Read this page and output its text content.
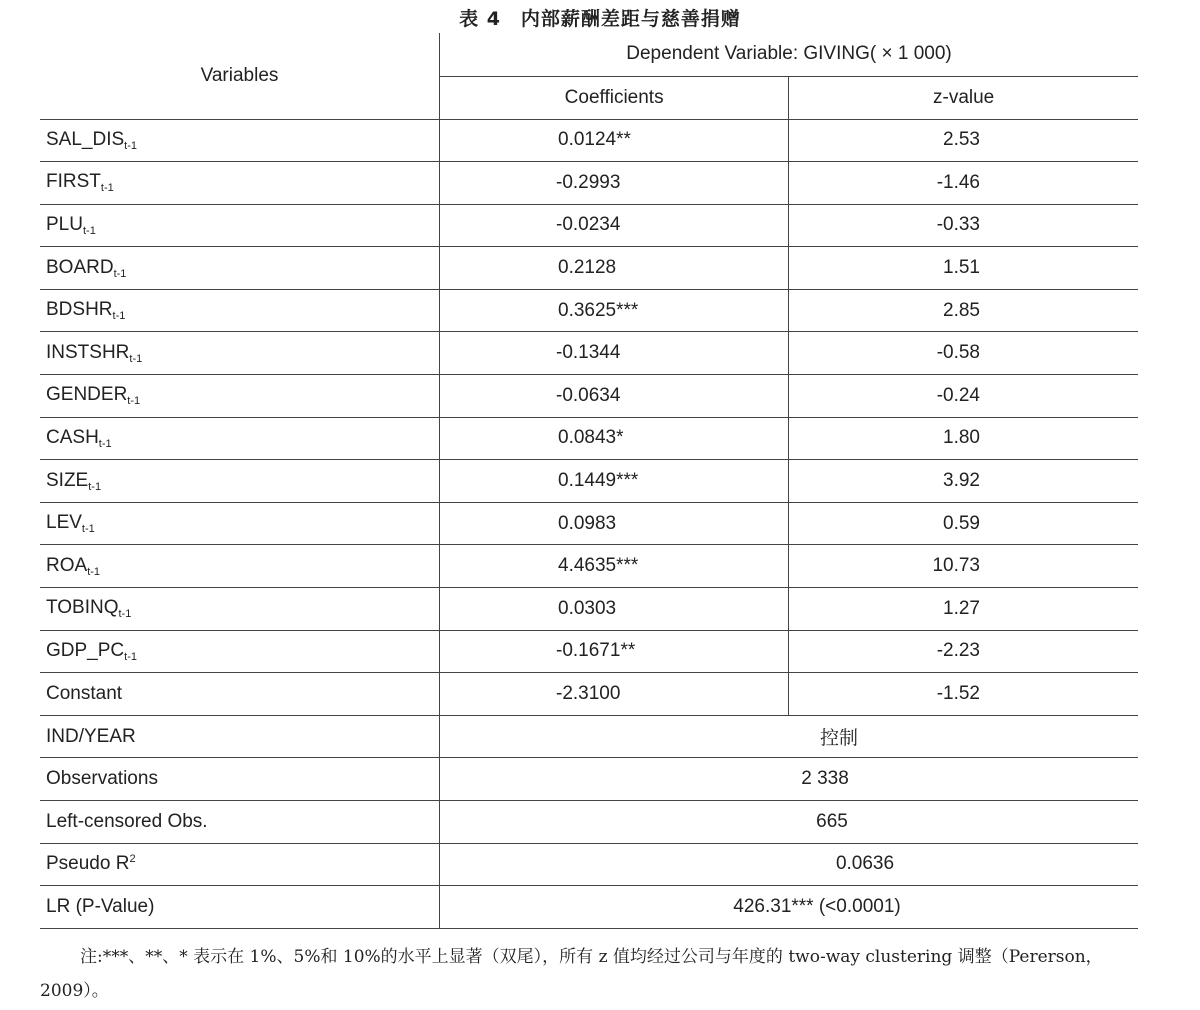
表 4　内部薪酬差距与慈善捐赠
Variables	Dependent Variable: GIVING( × 1 000)	
	Coefficients	z-value
$SAL\_DIS_{t-1}$	0.0124**	2.53

$FIRST_{t-1}$	-0.2993	-1.46

$PLU_{t-1}$	-0.0234	-0.33

$BOARD_{t-1}$	0.2128	1.51

$BDSHR_{t-1}$	0.3625***	2.85

$INSTSHR_{t-1}$	-0.1344	-0.58

$GENDER_{t-1}$	-0.0634	-0.24

$CASH_{t-1}$	0.0843*	1.80

$SIZE_{t-1}$	0.1449***	3.92

$LEV_{t-1}$	0.0983	0.59

$ROA_{t-1}$	4.4635***	10.73

$TOBINQ_{t-1}$	0.0303	1.27

$GDP\_PC_{t-1}$	-0.1671**	-2.23

Constant	-2.3100	-1.52

IND/YEAR	控制	
Observations	2 338	
Left-censored Obs.	665	
Pseudo $R^2$	0.0636	
LR (P-Value)	426.31*** (<0.0001)	
注:***、**、* 表示在 1%、5%和 10%的水平上显著（双尾），所有 z 值均经过公司与年度的 two-way clustering 调整（Pererson，2009）。
